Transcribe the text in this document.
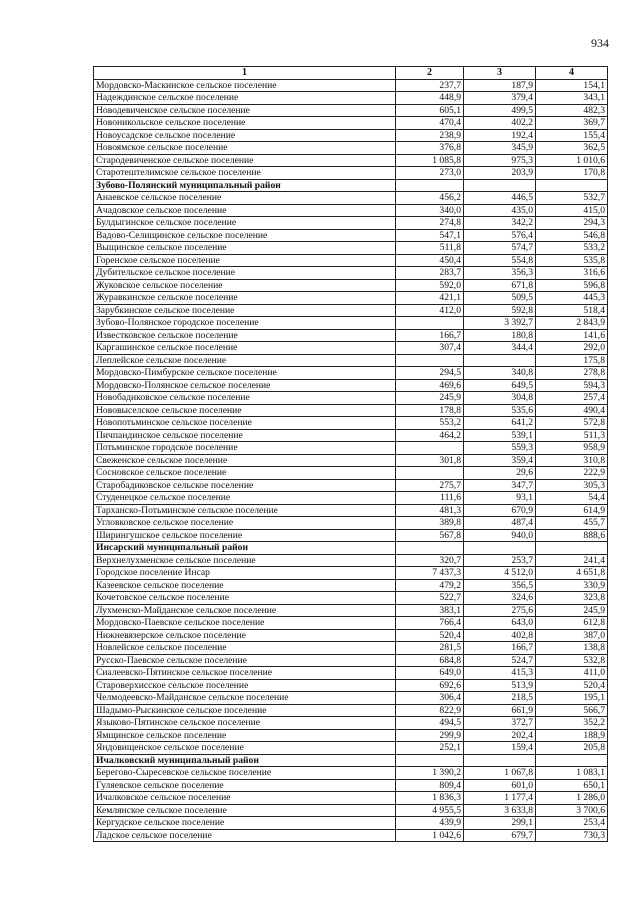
934
1	2	3	4
Мордовско-Маскинское сельское поселение	237,7	187,9	154,1
Надеждинское сельское поселение	448,9	379,4	343,1
Новодевиченское сельское поселение	605,1	499,5	482,3
Новоникольское сельское поселение	470,4	402,2	369,7
Новоусадское сельское поселение	238,9	192,4	155,4
Новоямское сельское поселение	376,8	345,9	362,5
Стародевиченское сельское поселение	1 085,8	975,3	1 010,6
Старотештелимское сельское поселение	273,0	203,9	170,8
Зубово-Полянский муниципальный район			
Анаевское сельское поселение	456,2	446,5	532,7
Ачадовское сельское поселение	340,0	435,0	415,0
Булдыгинское сельское поселение	274,8	342,2	294,3
Вадово-Селищинское сельское поселение	547,1	576,4	546,8
Выщинское сельское поселение	511,8	574,7	533,2
Горенское сельское поселение	450,4	554,8	535,8
Дубительское сельское поселение	283,7	356,3	316,6
Жуковское сельское поселение	592,0	671,8	596,8
Журавкинское сельское поселение	421,1	509,5	445,3
Зарубкинское сельское поселение	412,0	592,8	518,4
Зубово-Полянское городское поселение		3 392,7	2 843,9
Известковское сельское поселение	166,7	180,8	141,6
Каргашинское сельское поселение	307,4	344,4	292,0
Леплейское сельское поселение			175,8
Мордовско-Пимбурское сельское поселение	294,5	340,8	278,8
Мордовско-Полянское сельское поселение	469,6	649,5	594,3
Новобадиковское сельское поселение	245,9	304,8	257,4
Нововыселское сельское поселение	178,8	535,6	490,4
Новопотьминское сельское поселение	553,2	641,2	572,8
Пичпандинское сельское поселение	464,2	539,1	511,3
Потьминское городское поселение		559,3	958,9
Свеженское сельское поселение	301,8	359,4	310,8
Сосновское сельское поселение		29,6	222,9
Старобадиковское сельское поселение	275,7	347,7	305,3
Студенецкое сельское поселение	111,6	93,1	54,4
Тарханско-Потьминское сельское поселение	481,3	670,9	614,9
Углoвковское сельское поселение	389,8	487,4	455,7
Ширингушское сельское поселение	567,8	940,0	888,6
Инсарский муниципальный район			
Верхнелухменское сельское поселение	320,7	253,7	241,4
Городское поселение Инсар	7 437,3	4 512,0	4 651,8
Казеевское сельское поселение	479,2	356,5	330,9
Кочетовское сельское поселение	522,7	324,6	323,8
Лухменско-Майданское сельское поселение	383,1	275,6	245,9
Мордовско-Паевское сельское поселение	766,4	643,0	612,8
Нижневязерское сельское поселение	520,4	402,8	387,0
Новлейское сельское поселение	281,5	166,7	138,8
Русско-Паевское сельское поселение	684,8	524,7	532,8
Сиалеевско-Пятинское сельское поселение	649,0	415,3	411,0
Староверхисское сельское поселение	692,6	513,9	520,4
Челмодеевско-Майданское сельское поселение	306,4	218,5	195,1
Шадымо-Рыскинское сельское поселение	822,9	661,9	566,7
Языково-Пятинское сельское поселение	494,5	372,7	352,2
Ямщинское сельское поселение	299,9	202,4	188,9
Яндовищенское сельское поселение	252,1	159,4	205,8
Ичалковский муниципальный район			
Берегово-Сыресевское сельское поселение	1 390,2	1 067,8	1 083,1
Гуляевское сельское поселение	809,4	601,0	650,1
Ичалковское сельское поселение	1 836,3	1 177,4	1 286,0
Кемлянское сельское поселение	4 955,5	3 633,8	3 700,6
Кергудское сельское поселение	439,9	299,1	253,4
Ладское сельское поселение	1 042,6	679,7	730,3
